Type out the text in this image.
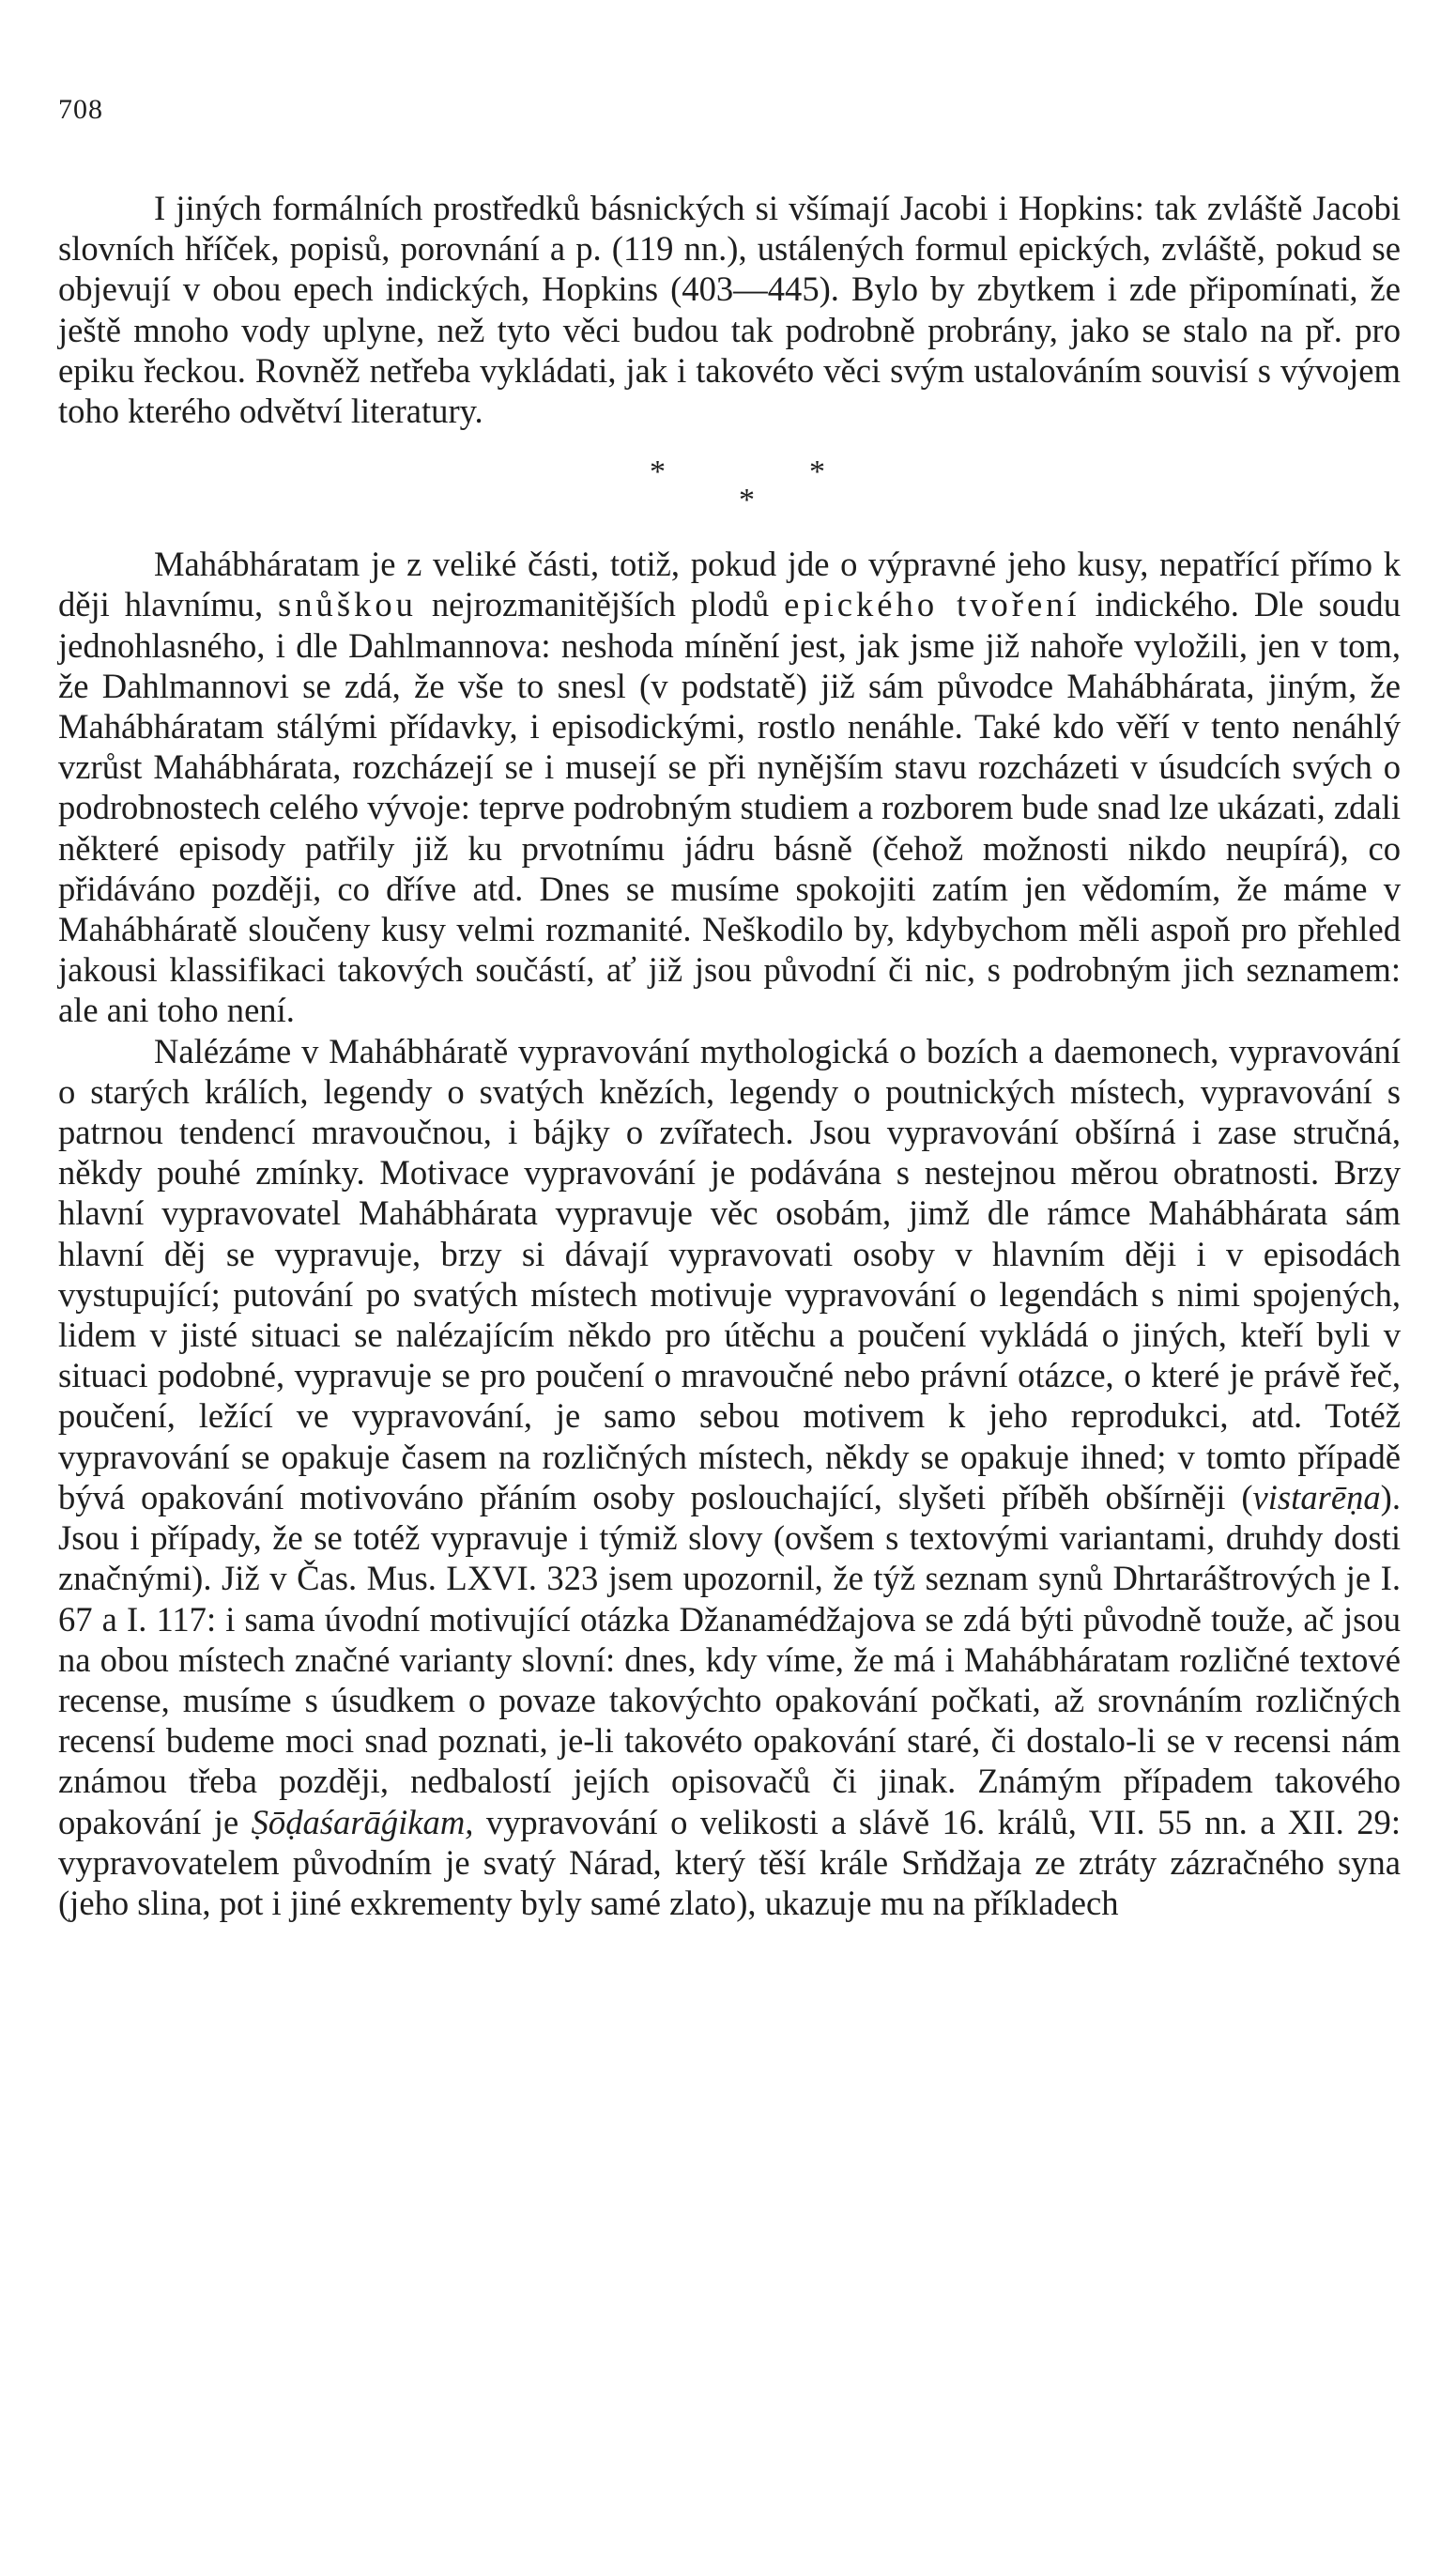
708

I jiných formálních prostředků básnických si všímají Jacobi i Hopkins: tak zvláště Jacobi slovních hříček, popisů, porovnání a p. (119 nn.), ustálených formul epických, zvláště, pokud se objevují v obou epech indických, Hopkins (403—445). Bylo by zbytkem i zde připomínati, že ještě mnoho vody uplyne, než tyto věci budou tak podrobně probrány, jako se stalo na př. pro epiku řeckou. Rovněž netřeba vykládati, jak i takovéto věci svým ustalováním souvisí s vývojem toho kterého odvětví literatury.

*
*
*

Mahábháratam je z veliké části, totiž, pokud jde o výpravné jeho kusy, nepatřící přímo k ději hlavnímu, snůškou nejrozmanitějších plodů epického tvoření indického. Dle soudu jednohlasného, i dle Dahlmannova: neshoda mínění jest, jak jsme již nahoře vyložili, jen v tom, že Dahlmannovi se zdá, že vše to snesl (v podstatě) již sám původce Mahábhárata, jiným, že Mahábháratam stálými přídavky, i episodickými, rostlo nenáhle. Také kdo věří v tento nenáhlý vzrůst Mahábhárata, rozcházejí se i musejí se při nynějším stavu rozcházeti v úsudcích svých o podrobnostech celého vývoje: teprve podrobným studiem a rozborem bude snad lze ukázati, zdali některé episody patřily již ku prvotnímu jádru básně (čehož možnosti nikdo neupírá), co přidáváno později, co dříve atd. Dnes se musíme spokojiti zatím jen vědomím, že máme v Mahábháratě sloučeny kusy velmi rozmanité. Neškodilo by, kdybychom měli aspoň pro přehled jakousi klassifikaci takových součástí, ať již jsou původní či nic, s podrobným jich seznamem: ale ani toho není.

Nalézáme v Mahábháratě vypravování mythologická o bozích a daemonech, vypravování o starých králích, legendy o svatých knězích, legendy o poutnických místech, vypravování s patrnou tendencí mravoučnou, i bájky o zvířatech. Jsou vypravování obšírná i zase stručná, někdy pouhé zmínky. Motivace vypravování je podávána s nestejnou měrou obratnosti. Brzy hlavní vypravovatel Mahábhárata vypravuje věc osobám, jimž dle rámce Mahábhárata sám hlavní děj se vypravuje, brzy si dávají vypravovati osoby v hlavním ději i v episodách vystupující; putování po svatých místech motivuje vypravování o legendách s nimi spojených, lidem v jisté situaci se nalézajícím někdo pro útěchu a poučení vykládá o jiných, kteří byli v situaci podobné, vypravuje se pro poučení o mravoučné nebo právní otázce, o které je právě řeč, poučení, ležící ve vypravování, je samo sebou motivem k jeho reprodukci, atd. Totéž vypravování se opakuje časem na rozličných místech, někdy se opakuje ihned; v tomto případě bývá opakování motivováno přáním osoby poslouchající, slyšeti příběh obšírněji (vistarēṇa). Jsou i případy, že se totéž vypravuje i týmiž slovy (ovšem s textovými variantami, druhdy dosti značnými). Již v Čas. Mus. LXVI. 323 jsem upozornil, že týž seznam synů Dhrtaráštrových je I. 67 a I. 117: i sama úvodní motivující otázka Džanamédžajova se zdá býti původně touže, ač jsou na obou místech značné varianty slovní: dnes, kdy víme, že má i Mahábháratam rozličné textové recense, musíme s úsudkem o povaze takovýchto opakování počkati, až srovnáním rozličných recensí budeme moci snad poznati, je-li takovéto opakování staré, či dostalo-li se v recensi nám známou třeba později, nedbalostí jejích opisovačů či jinak. Známým případem takového opakování je Ṣōḍaśarāǵikam, vypravování o velikosti a slávě 16. králů, VII. 55 nn. a XII. 29: vypravovatelem původním je svatý Nárad, který těší krále Srňdžaja ze ztráty zázračného syna (jeho slina, pot i jiné exkrementy byly samé zlato), ukazuje mu na příkladech
